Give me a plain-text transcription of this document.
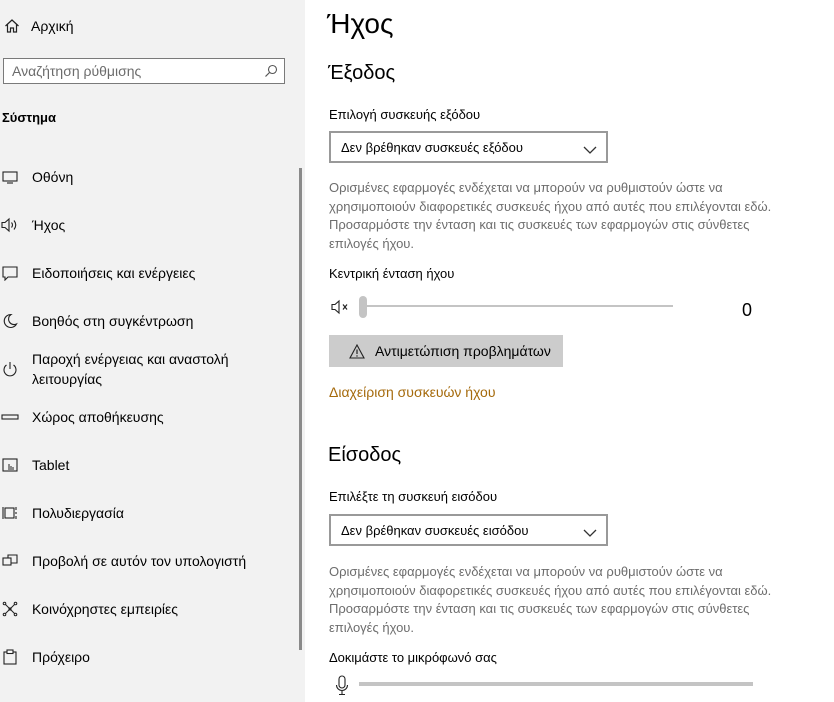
Αρχική
Αναζήτηση ρύθμισης
Σύστημα
Οθόνη
Ήχος
Ειδοποιήσεις και ενέργειες
Βοηθός στη συγκέντρωση
Παροχή ενέργειας και αναστολή λειτουργίας
Χώρος αποθήκευσης
Tablet
Πολυδιεργασία
Προβολή σε αυτόν τον υπολογιστή
Κοινόχρηστες εμπειρίες
Πρόχειρο
Ήχος
Έξοδος
Επιλογή συσκευής εξόδου
Δεν βρέθηκαν συσκευές εξόδου
Ορισμένες εφαρμογές ενδέχεται να μπορούν να ρυθμιστούν ώστε να χρησιμοποιούν διαφορετικές συσκευές ήχου από αυτές που επιλέγονται εδώ. Προσαρμόστε την ένταση και τις συσκευές των εφαρμογών στις σύνθετες επιλογές ήχου.
Κεντρική ένταση ήχου
0
Αντιμετώπιση προβλημάτων
Διαχείριση συσκευών ήχου
Είσοδος
Επιλέξτε τη συσκευή εισόδου
Δεν βρέθηκαν συσκευές εισόδου
Ορισμένες εφαρμογές ενδέχεται να μπορούν να ρυθμιστούν ώστε να χρησιμοποιούν διαφορετικές συσκευές ήχου από αυτές που επιλέγονται εδώ. Προσαρμόστε την ένταση και τις συσκευές των εφαρμογών στις σύνθετες επιλογές ήχου.
Δοκιμάστε το μικρόφωνό σας
